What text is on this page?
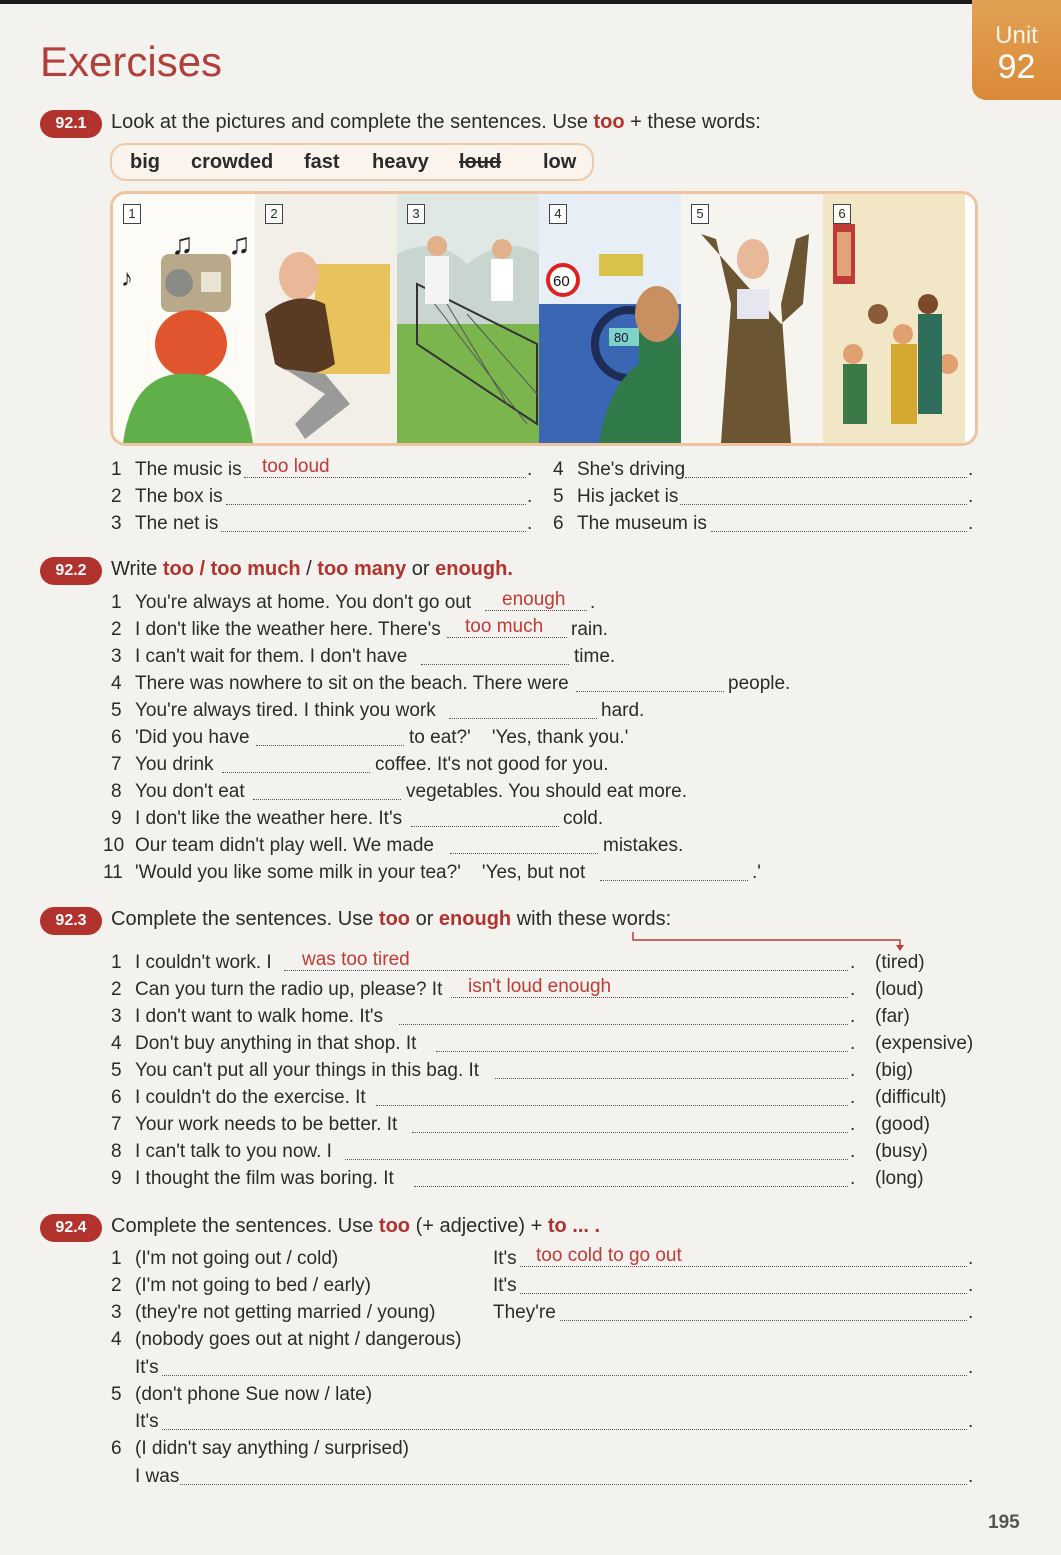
Unit
92
Exercises
92.1	Look at the pictures and complete the sentences. Use too + these words:
big crowded fast heavy loud low
♫ ♫
♪
1	2	3
60
80
4	5	6
1 The music is too loud	.
2 The box is	.
3 The net is	.
4 She's driving	.
5 His jacket is	.
6 The museum is	.
92.2	Write too / too much / too many or enough.
1 You're always at home. You don't go out enough .
2 I don't like the weather here. There's too much rain.
3 I can't wait for them. I don't have	time.
4 There was nowhere to sit on the beach. There were	people.
5 You're always tired. I think you work	hard.
6 'Did you have	to eat?'    'Yes, thank you.'
7 You drink	coffee. It's not good for you.
8 You don't eat	vegetables. You should eat more.
9 I don't like the weather here. It's	cold.
10 Our team didn't play well. We made	mistakes.
11 'Would you like some milk in your tea?'    'Yes, but not	.'
92.3	Complete the sentences. Use too or enough with these words:
1 I couldn't work. I was too tired	. (tired)
2 Can you turn the radio up, please? It isn't loud enough	. (loud)
3 I don't want to walk home. It's	. (far)
4 Don't buy anything in that shop. It	. (expensive)
5 You can't put all your things in this bag. It	. (big)
6 I couldn't do the exercise. It	. (difficult)
7 Your work needs to be better. It	. (good)
8 I can't talk to you now. I	. (busy)
9 I thought the film was boring. It	. (long)
92.4	Complete the sentences. Use too (+ adjective) + to ... .
1 (I'm not going out / cold)	It's too cold to go out	.
2 (I'm not going to bed / early)	It's	.
3 (they're not getting married / young)	They're	.
4 (nobody goes out at night / dangerous)
It's	.
5 (don't phone Sue now / late)
It's	.
6 (I didn't say anything / surprised)
I was	.
195
